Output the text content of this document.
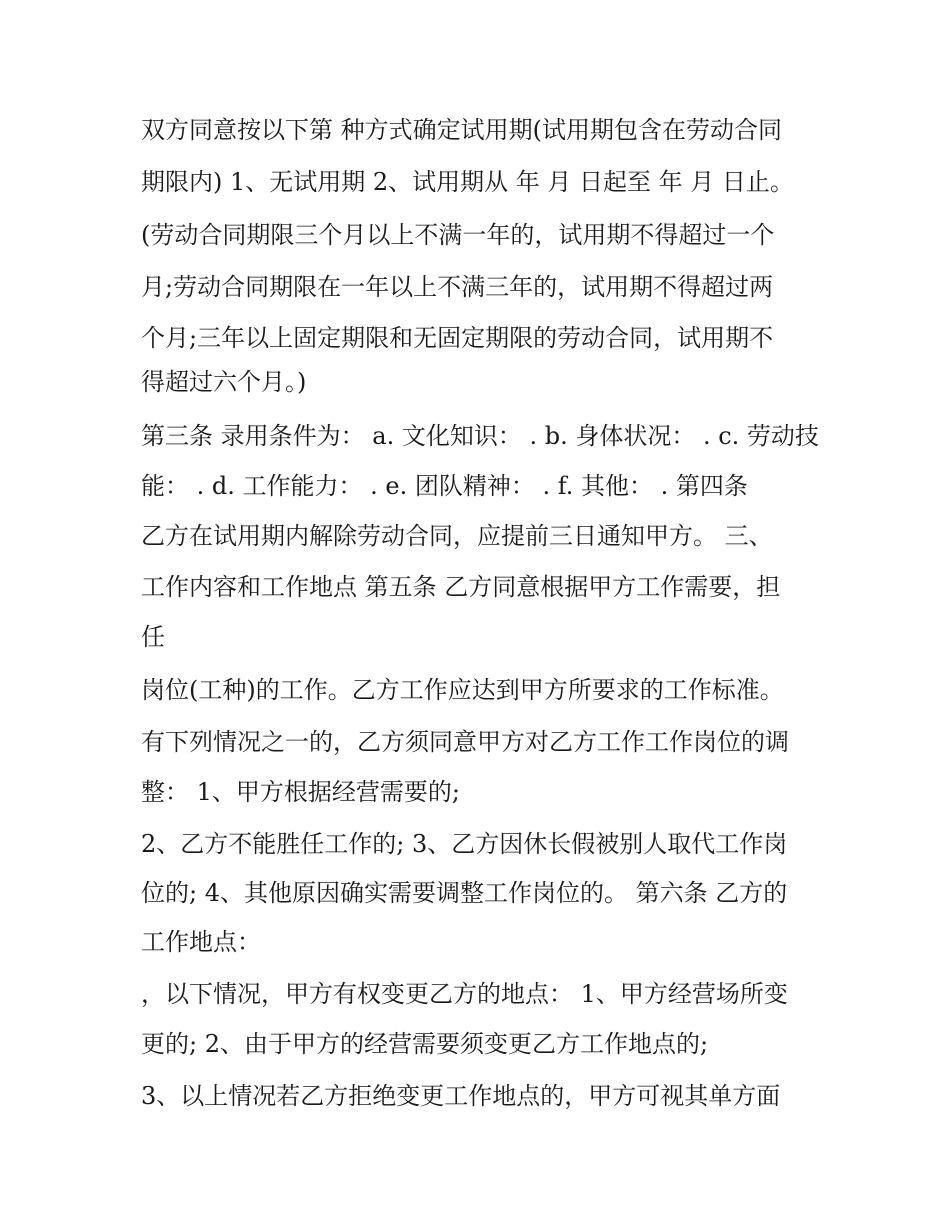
双方同意按以下第 种方式确定试用期(试用期包含在劳动合同
期限内) 1、无试用期 2、试用期从 年 月 日起至 年 月 日止。
(劳动合同期限三个月以上不满一年的，试用期不得超过一个
月;劳动合同期限在一年以上不满三年的，试用期不得超过两
个月;三年以上固定期限和无固定期限的劳动合同，试用期不
得超过六个月。)
第三条 录用条件为： a. 文化知识： . b. 身体状况： . c. 劳动技
能： . d. 工作能力： . e. 团队精神： . f. 其他： . 第四条
乙方在试用期内解除劳动合同，应提前三日通知甲方。 三、
工作内容和工作地点 第五条 乙方同意根据甲方工作需要，担
任
岗位(工种)的工作。乙方工作应达到甲方所要求的工作标准。
有下列情况之一的，乙方须同意甲方对乙方工作工作岗位的调
整： 1、甲方根据经营需要的;
2、乙方不能胜任工作的; 3、乙方因休长假被别人取代工作岗
位的; 4、其他原因确实需要调整工作岗位的。 第六条 乙方的
工作地点：
，以下情况，甲方有权变更乙方的地点： 1、甲方经营场所变
更的; 2、由于甲方的经营需要须变更乙方工作地点的;
3、以上情况若乙方拒绝变更工作地点的，甲方可视其单方面
